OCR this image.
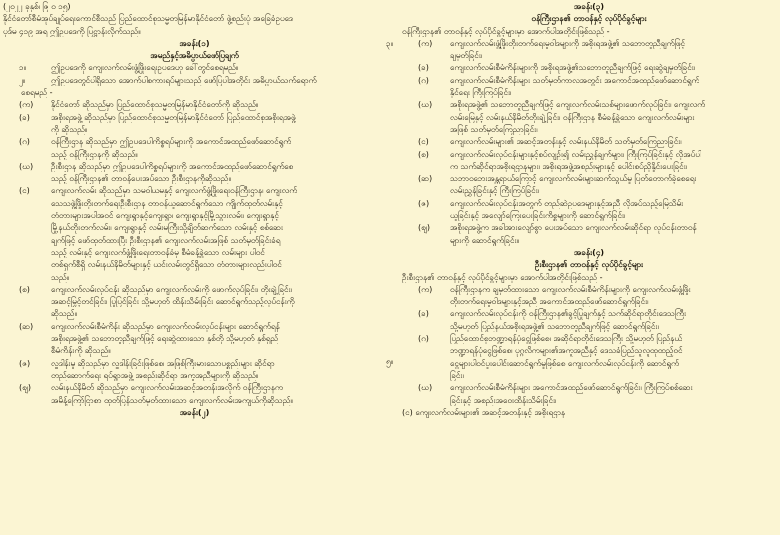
(၂၀၂၂ ခုနှစ်၊ ဇြ ဝ ၁၅)
နိုင်ငံတော်စီမံအုပ်ချုပ်ရေးကောင်စီသည် ပြည်ထောင်စုသမ္မတမြန်မာနိုင်ငံတော် ဖွဲ့စည်းပုံ အခြေခံဥပဒေ
ပုဒ်မ ၄၁၉ အရ ဤဥပဒေကို ပြဋ္ဌာန်းလိုက်သည်။
အခန်း(၁)
အမည်နှင့်အဓိပ္ပာယ်ဖော်ပြချက်
၁။	ဤဥပဒေကို ကျေးလက်လမ်းဖွံ့ဖြိုးရေးဥပဒေဟု ခေါ်တွင်စေရမည်။
၂။	ဤဥပဒေတွင်ပါရှိသော အောက်ပါစကားရပ်များသည် ဖော်ပြပါအတိုင်း အဓိပ္ပာယ်သက်ရောက်
စေရမည် -
(က)	နိုင်ငံတော် ဆိုသည်မှာ ပြည်ထောင်စုသမ္မတမြန်မာနိုင်ငံတော်ကို ဆိုသည်။
(ခ)	အစိုးရအဖွဲ့ ဆိုသည်မှာ ပြည်ထောင်စုသမ္မတမြန်မာနိုင်ငံတော် ပြည်ထောင်စုအစိုးရအဖွဲ့
ကို ဆိုသည်။
(ဂ)	ဝန်ကြီးဌာန ဆိုသည်မှာ ဤဥပဒေပါကိစ္စရပ်များကို အကောင်အထည်ဖော်ဆောင်ရွက်
သည့် ဝန်ကြီးဌာနကို ဆိုသည်။
(ဃ)	ဦးစီးဌာန ဆိုသည်မှာ ဤဥပဒေပါကိစ္စရပ်များကို အကောင်အထည်ဖော်ဆောင်ရွက်စေ
သည့် ဝန်ကြီးဌာန၏ တာဝန်ပေးအပ်သော ဦးစီးဌာနကိုဆိုသည်။
(င)	ကျေးလက်လမ်း ဆိုသည်မှာ သမဝါယမနှင့် ကျေးလက်ဖွံ့ဖြိုးရေးဝန်ကြီးဌာန၊ ကျေးလက်
သေသဖွဲ့ဖြိုးတိုးတက်ရေးဦးစီးဌာန တာဝန်ယူဆောင်ရွက်သော ကျိုက်ထုတ်လမ်းနှင့်
တံတားများအပါအဝင် ကျေးရွာနှင့်ကျေးရွာ၊ ကျေးရွာနှင့်မြို့သွားလမ်း၊ ကျေးရွာနှင့်
မြို့နယ်တိုးတက်လမ်း၊ ကျေးရွာနှင့် လမ်းမကြီးသို့ချိတ်ဆက်သော လမ်းနှင့် စစ်ဆေး
ချက်ဖြင့် ဖော်ထုတ်ထားပြီး ဦးစီးဌာန၏ ကျေးလက်လမ်းအဖြစ် သတ်မှတ်ခြင်းခံရ
သည့် လမ်းနှင့် ကျေးလက်ဖွံ့ဖြိုးရေးတာဝန်ခံမှ စီမံခန့်ခွဲသော လမ်းများ ပါဝင်
တစ်ရှက်စီရှိ လမ်းနယ်နိမိတ်များနှင့် ယင်းလမ်းတွင်ရှိသော တံတားများလည်းပါဝင်
သည်။
(စ)	ကျေးလက်လမ်းလုပ်ငန်း ဆိုသည်မှာ ကျေးလက်လမ်းကို ဖောက်လုပ်ခြင်း၊ တိုးချဲ့ခြင်း၊
အဆင့်မြှင့်တင်ခြင်း၊ ပြုပြင်ခြင်း သို့မဟုတ် ထိန်းသိမ်းခြင်း ဆောင်ရွက်သည့်လုပ်ငန်းကို
ဆိုသည်။
(ဆ)	ကျေးလက်လမ်းစီမံကိန်း ဆိုသည်မှာ ကျေးလက်လမ်းလုပ်ငန်းများ ဆောင်ရွက်ရန်
အစိုးရအဖွဲ့၏ သဘောတူညီချက်ဖြင့် ရေးဆွဲထားသော နှစ်တို သို့မဟုတ် နှစ်ရှည်
စီမံကိန်းကို ဆိုသည်။
(ဇ)	လှူဒါန်းမှု ဆိုသည်မှာ လှူဒါန်းခြင်းဖြစ်စေ၊ အဖြစ်ကြီးမားသောပစ္စည်းများ ဆိုင်ရာ
တည်ဆောက်ရေး ရပ်ရွာအဖွဲ့ အစည်းဆိုင်ရာ အကူအညီများကို ဆိုသည်။
(ဈ)	လမ်းနယ်နိမိတ် ဆိုသည်မှာ ကျေးလက်လမ်းအဆင့်အတန်းအလိုက် ဝန်ကြီးဌာနက
အမိန့်ကြော်ငြာစာ ထုတ်ပြန်သတ်မှတ်ထားသော ကျေးလက်လမ်းအကျယ်ကိုဆိုသည်။
အခန်း(၂)
အခန်း(၃)
ဝန်ကြီးဌာန၏ တာဝန်နှင့် လုပ်ပိုင်ခွင့်များ
ဝန်ကြီးဌာန၏ တာဝန်နှင့် လုပ်ပိုင်ခွင့်များမှာ အောက်ပါအတိုင်းဖြစ်သည် -
(က)	ကျေးလက်လမ်းဖွံ့ဖြိုးတိုးတက်ရေးမူဝါဒများကို အစိုးရအဖွဲ့၏ သဘောတူညီချက်ဖြင့်
ချမှတ်ခြင်း၊
(ခ)	ကျေးလက်လမ်းစီမံကိန်းများကို အစိုးရအဖွဲ့၏သဘောတူညီချက်ဖြင့် ရေးဆွဲချမှတ်ခြင်း၊
(ဂ)	ကျေးလက်လမ်းစီမံကိန်းများ သတ်မှတ်ကာလအတွင်း အကောင်အထည်ဖော်ဆောင်ရွက်
နိုင်ရေး ကြီးကြပ်ခြင်း၊
(ဃ)	အစိုးရအဖွဲ့၏ သဘောတူညီချက်ဖြင့် ကျေးလက်လမ်းသစ်များဖောက်လုပ်ခြင်း၊ ကျေးလက်
လမ်းမြေနှင့် လမ်းနယ်နိမိတ်တိုးချဲ့ခြင်း၊ ဝန်ကြီးဌာန စီမံခန့်ခွဲသော ကျေးလက်လမ်းများ
အဖြစ် သတ်မှတ်ကြေညာခြင်း၊
(င)	ကျေးလက်လမ်းများ၏ အဆင့်အတန်းနှင့် လမ်းနယ်နိမိတ် သတ်မှတ်ကြေညာခြင်း၊
(စ)	ကျေးလက်လမ်းလုပ်ငန်းများနှင့်စပ်လျဉ်း၍ လမ်းညွှန်ချက်များ၊ ကြီးကြပ်ခြင်းနှင့် လိုအပ်ပါ
က သက်ဆိုင်ရာအစိုးရဌာနများ၊ အစိုးရအဖွဲ့အစည်းများနှင့် ပေါင်းစပ်ညှိနှိုင်းပေးခြင်း၊
(ဆ)	သဘာဝဘေးအန္တရာယ်ကြောင့် ကျေးလက်လမ်းများဆက်သွယ်မှု ပြတ်တောက်ခဲ့စေရေး
လမ်းညွှန်ခြင်းနှင့် ကြီးကြပ်ခြင်း၊
(ဇ)	ကျေးလက်လမ်းလုပ်ငန်းအတွက် တည်ဆဲဥပဒေများနှင့်အညီ လိုအပ်သည့်မြေသိမ်း
ယူခြင်းနှင့် အလျော်ကြေးပေးခြင်းကိစ္စများကို ဆောင်ရွက်ခြင်း၊
(ဈ)	အစိုးရအဖွဲ့က အခါအားလျော်စွာ ပေးအပ်သော ကျေးလက်လမ်းဆိုင်ရာ လုပ်ငန်းတာဝန်
များကို ဆောင်ရွက်ခြင်း။
အခန်း(၄)
ဦးစီးဌာန၏ တာဝန်နှင့် လုပ်ပိုင်ခွင့်များ
ဦးစီးဌာန၏ တာဝန်နှင့် လုပ်ပိုင်ခွင့်များမှာ အောက်ပါအတိုင်းဖြစ်သည် -
(က)	ဝန်ကြီးဌာနက ချမှတ်ထားသော ကျေးလက်လမ်းစီမံကိန်းများကို ကျေးလက်လမ်းဖွံ့ဖြိုး
တိုးတက်ရေးမူဝါဒများနှင့်အညီ အကောင်အထည်ဖော်ဆောင်ရွက်ခြင်း၊
(ခ)	ကျေးလက်လမ်းလုပ်ငန်းကို ဝန်ကြီးဌာန၏ခွင့်ပြုချက်နှင့် သက်ဆိုင်ရာတိုင်းဒေသကြီး
သို့မဟုတ် ပြည်နယ်အစိုးရအဖွဲ့၏ သဘောတူညီချက်ဖြင့် ဆောင်ရွက်ခြင်း၊
(ဂ)	ပြည်ထောင်စုဘဏ္ဍာရန်ပုံငွေဖြစ်စေ၊ အဆိုင်ရာတိုင်းဒေသကြီး သို့မဟုတ် ပြည်နယ်
ဘဏ္ဍာရန်ပုံငွေဖြစ်စေ၊ ပုဂ္ဂလိကများ၏အကူအညီနှင့် ဒေသခံပြည်သူလူထုထည့်ဝင်
ငွေများပါဝင်ပူးပေါင်းဆောင်ရွက်မှုဖြစ်စေ ကျေးလက်လမ်းလုပ်ငန်းကို ဆောင်ရွက်
ခြင်း၊
(ဃ)	ကျေးလက်လမ်းစီမံကိန်းများ အကောင်အထည်ဖော်ဆောင်ရွက်ခြင်း၊ ကြီးကြပ်စစ်ဆေး
ခြင်းနှင့် အစည်းအဝေးထိန်းသိမ်းခြင်း၊
(င) ကျေးလက်လမ်းများ၏ အဆင့်အတန်းနှင့် အစိုးရဌာန
၃။
၅။
